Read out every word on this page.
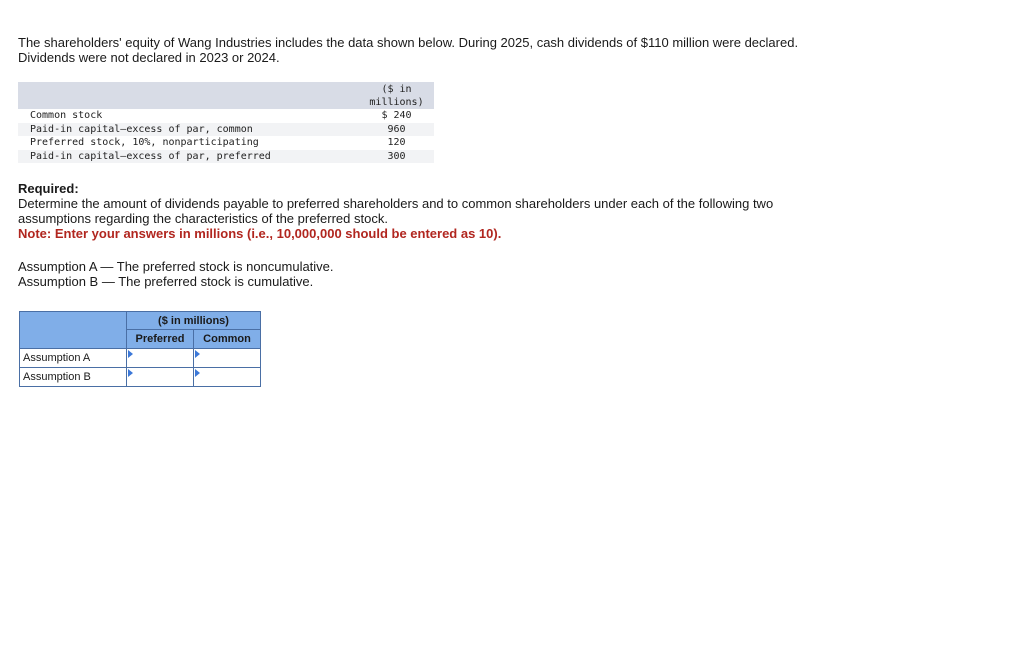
The shareholders' equity of Wang Industries includes the data shown below. During 2025, cash dividends of $110 million were declared. Dividends were not declared in 2023 or 2024.
	($ in
millions)
Common stock	$ 240
Paid-in capital—excess of par, common	960
Preferred stock, 10%, nonparticipating	120
Paid-in capital—excess of par, preferred	300
Required:
Determine the amount of dividends payable to preferred shareholders and to common shareholders under each of the following two assumptions regarding the characteristics of the preferred stock.
Note: Enter your answers in millions (i.e., 10,000,000 should be entered as 10).
Assumption A — The preferred stock is noncumulative.
Assumption B — The preferred stock is cumulative.
	($ in millions)	
	Preferred	Common
Assumption A	

Assumption B	
